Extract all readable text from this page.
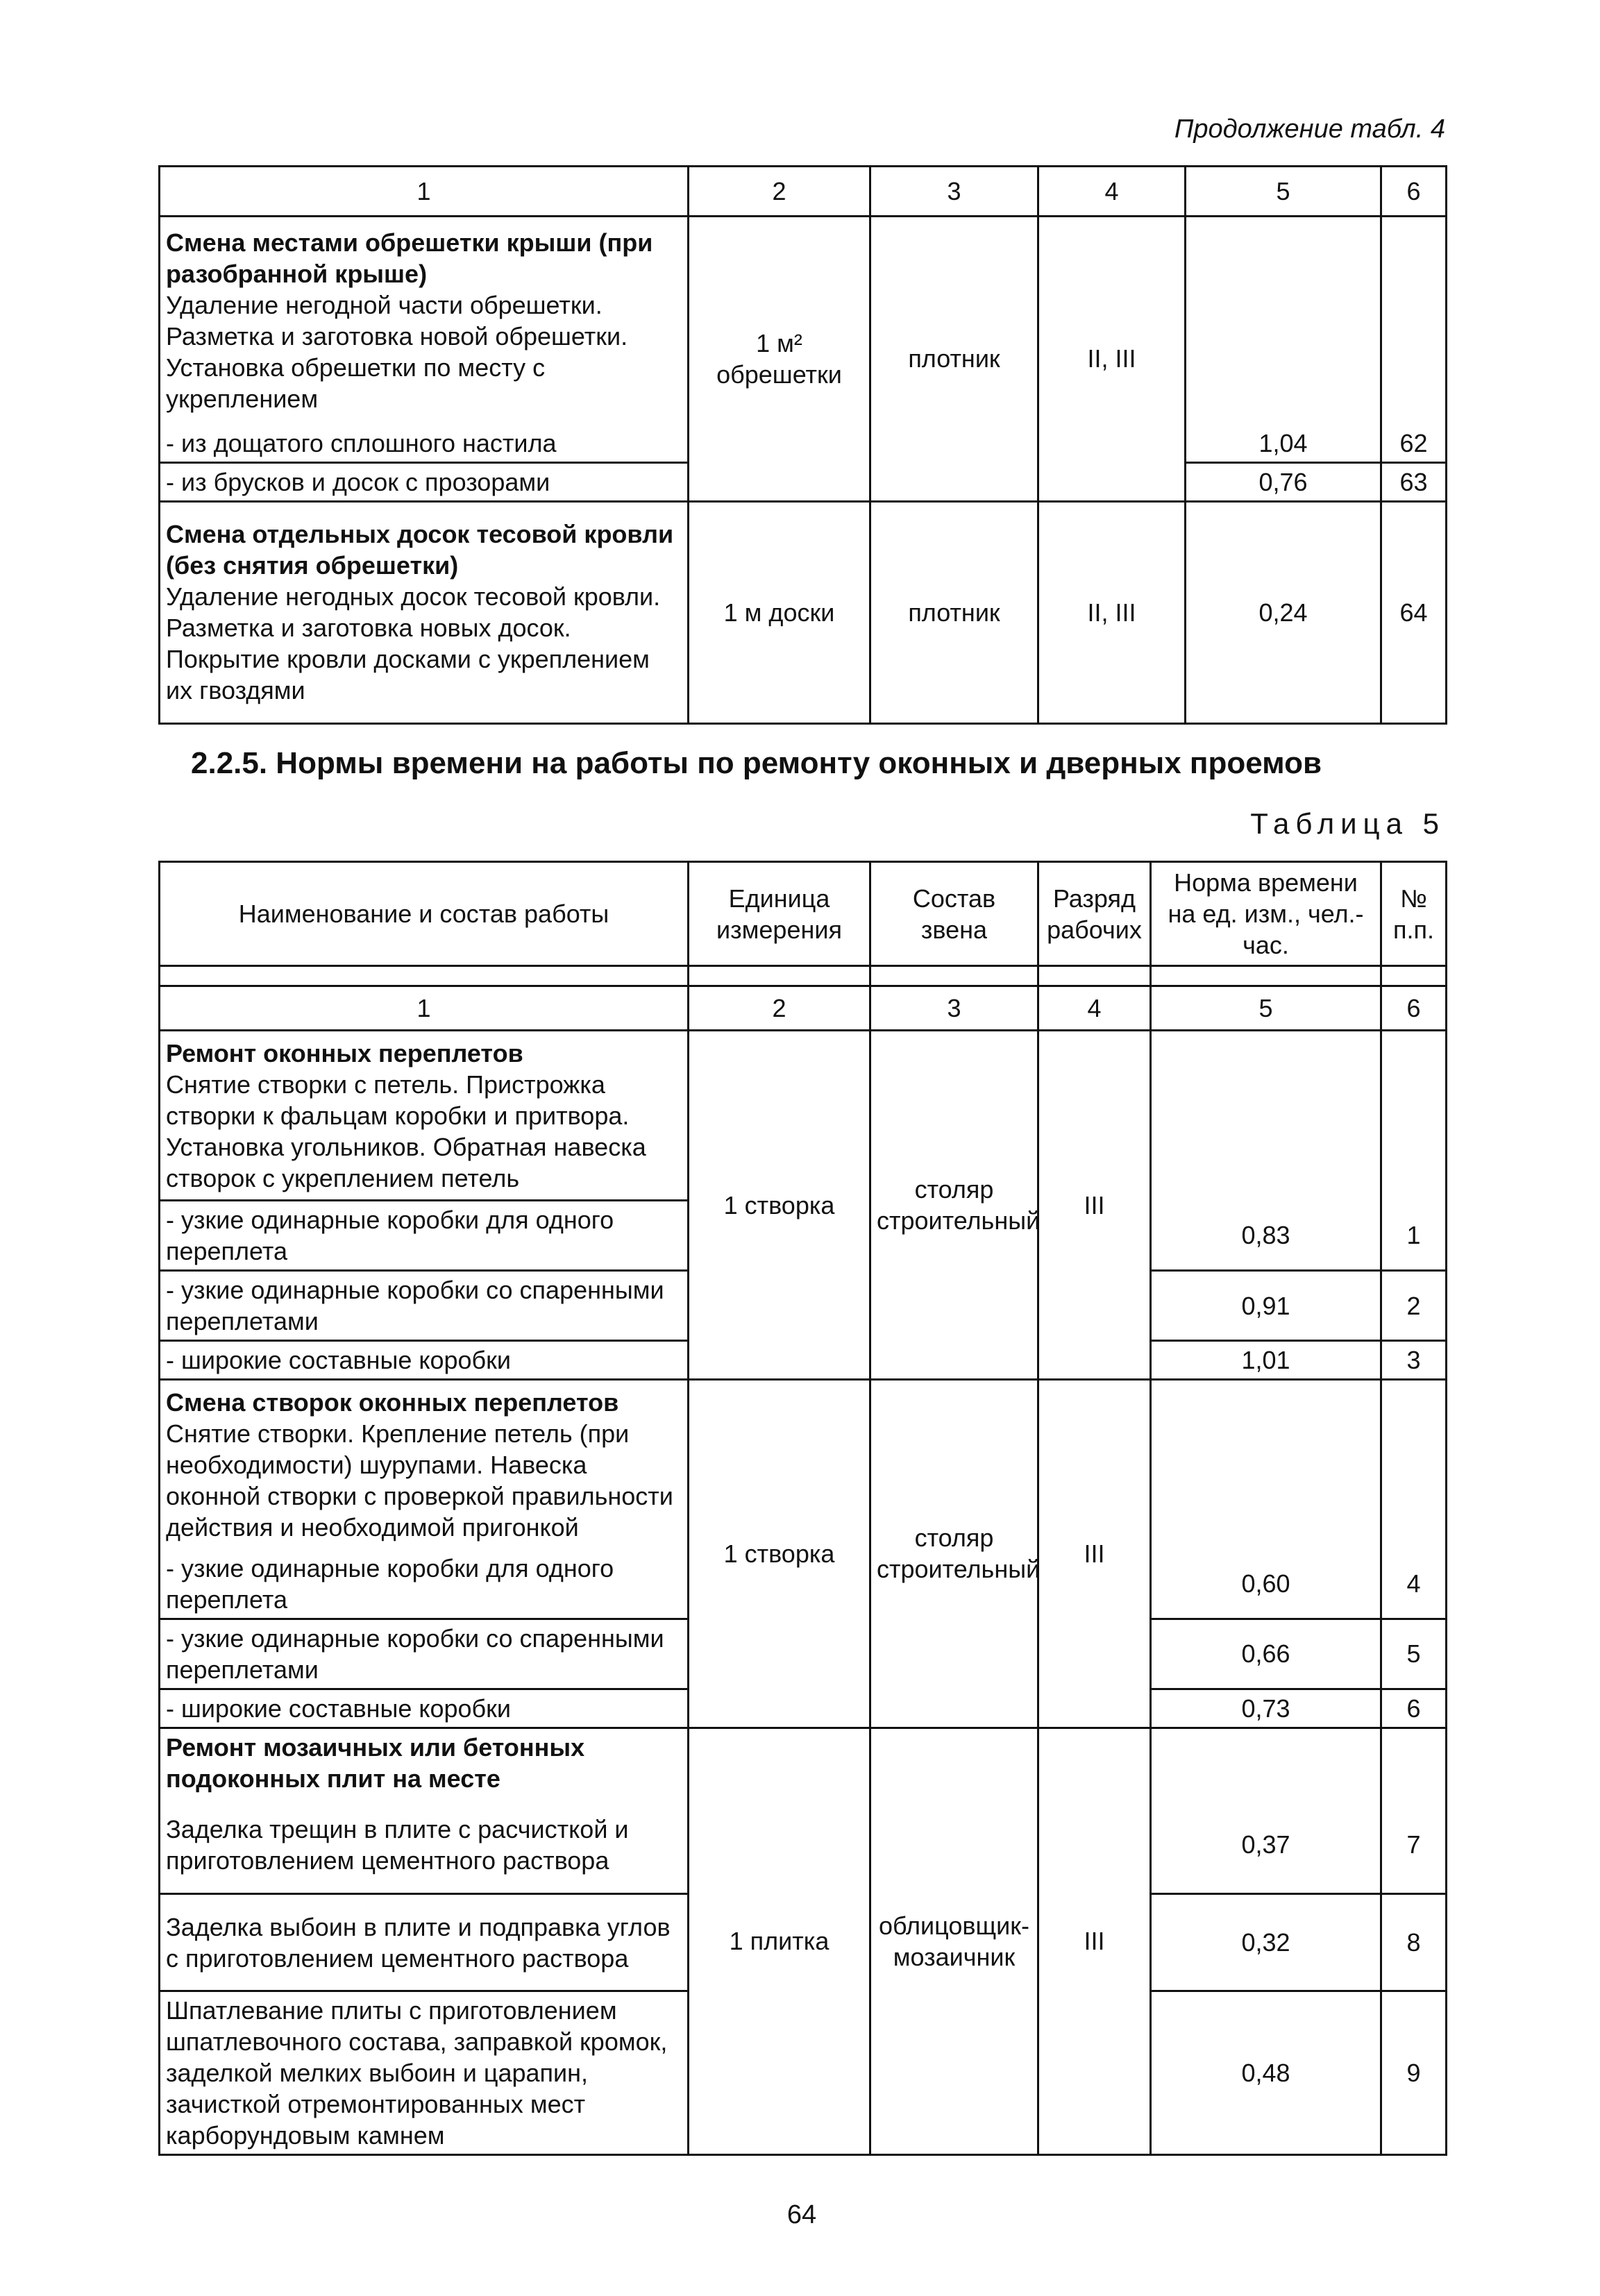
Продолжение табл. 4
1	2	3	4	5	6

Смена местами обрешетки крыши (при разобранной крыше)
Удаление негодной части обрешетки. Разметка и заготовка новой обрешетки. Установка обрешетки по месту с укреплением	1 м² обрешетки	плотник	II, III		
- из дощатого сплошного настила				1,04	62
- из брусков и досок с прозорами				0,76	63

Смена отдельных досок тесовой кровли (без снятия обрешетки)
Удаление негодных досок тесовой кровли. Разметка и заготовка новых досок. Покрытие кровли досками с укреплением их гвоздями	1 м доски	плотник	II, III	0,24	64
2.2.5. Нормы времени на работы по ремонту оконных и дверных проемов
Таблица 5
Наименование и состав работы	Единица измерения	Состав звена	Разряд рабочих	Норма времени на ед. изм., чел.-час.	№ п.п.

1	2	3	4	5	6

Ремонт оконных переплетов
Снятие створки с петель. Пристрожка створки к фальцам коробки и притвора. Установка угольников. Обратная навеска створок с укреплением петель	1 створка	столяр строительный	III		
- узкие одинарные коробки для одного переплета				0,83	1
- узкие одинарные коробки со спаренными переплетами				0,91	2
- широкие составные коробки				1,01	3

Смена створок оконных переплетов
Снятие створки. Крепление петель (при необходимости) шурупами. Навеска оконной створки с проверкой правильности действия и необходимой пригонкой	1 створка	столяр строительный	III		
- узкие одинарные коробки для одного переплета				0,60	4
- узкие одинарные коробки со спаренными переплетами				0,66	5
- широкие составные коробки				0,73	6

Ремонт мозаичных или бетонных подоконных плит на месте	1 плитка	облицовщик-мозаичник	III		
Заделка трещин в плите с расчисткой и приготовлением цементного раствора				0,37	7
Заделка выбоин в плите и подправка углов с приготовлением цементного раствора				0,32	8
Шпатлевание плиты с приготовлением шпатлевочного состава, заправкой кромок, заделкой мелких выбоин и царапин, зачисткой отремонтированных мест карборундовым камнем				0,48	9
64
